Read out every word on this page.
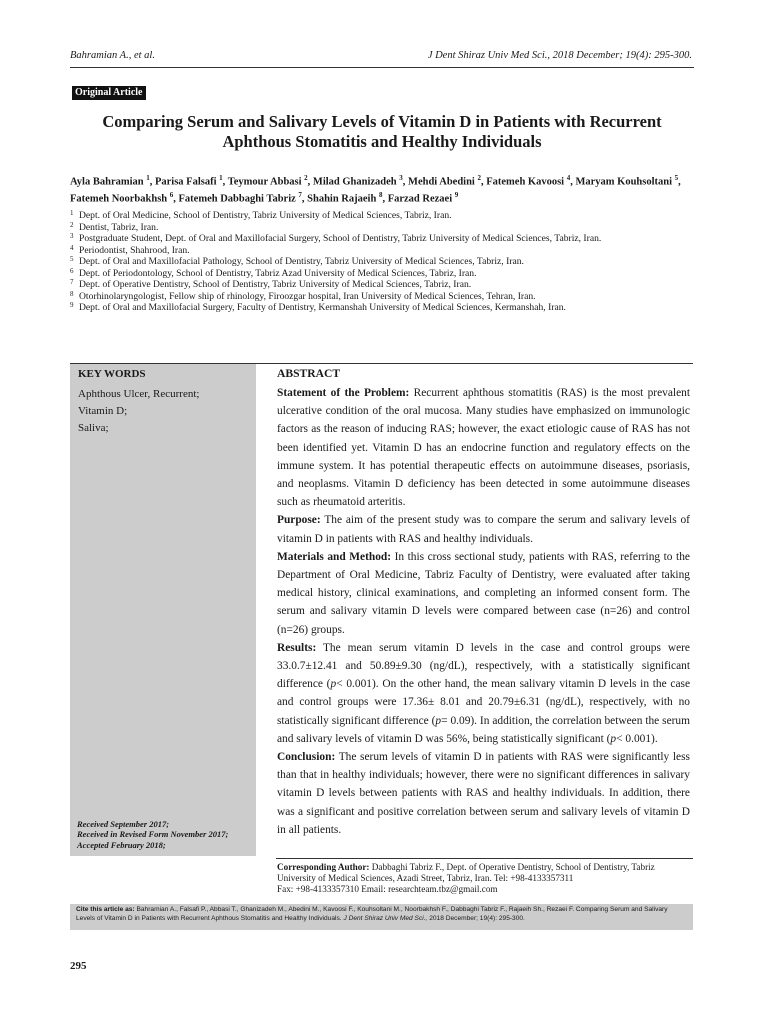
Bahramian A., et al.	J Dent Shiraz Univ Med Sci., 2018 December; 19(4): 295-300.
Original Article
Comparing Serum and Salivary Levels of Vitamin D in Patients with Recurrent Aphthous Stomatitis and Healthy Individuals
Ayla Bahramian $^1$, Parisa Falsafi $^1$, Teymour Abbasi $^2$, Milad Ghanizadeh $^3$, Mehdi Abedini $^2$, Fatemeh Kavoosi $^4$, Maryam Kouhsoltani $^5$, Fatemeh Noorbakhsh $^6$, Fatemeh Dabbaghi Tabriz $^7$, Shahin Rajaeih $^8$, Farzad Rezaei $^9$
1 Dept. of Oral Medicine, School of Dentistry, Tabriz University of Medical Sciences, Tabriz, Iran.
2 Dentist, Tabriz, Iran.
3 Postgraduate Student, Dept. of Oral and Maxillofacial Surgery, School of Dentistry, Tabriz University of Medical Sciences, Tabriz, Iran.
4 Periodontist, Shahrood, Iran.
5 Dept. of Oral and Maxillofacial Pathology, School of Dentistry, Tabriz University of Medical Sciences, Tabriz, Iran.
6 Dept. of Periodontology, School of Dentistry, Tabriz Azad University of Medical Sciences, Tabriz, Iran.
7 Dept. of Operative Dentistry, School of Dentistry, Tabriz University of Medical Sciences, Tabriz, Iran.
8 Otorhinolaryngologist, Fellow ship of rhinology, Firoozgar hospital, Iran University of Medical Sciences, Tehran, Iran.
9 Dept. of Oral and Maxillofacial Surgery, Faculty of Dentistry, Kermanshah University of Medical Sciences, Kermanshah, Iran.
KEY WORDS
Aphthous Ulcer, Recurrent;
Vitamin D;
Saliva;
Received September 2017;
Received in Revised Form November 2017;
Accepted February 2018;
ABSTRACT

Statement of the Problem: Recurrent aphthous stomatitis (RAS) is the most prevalent ulcerative condition of the oral mucosa. Many studies have emphasized on immunologic factors as the reason of inducing RAS; however, the exact etiologic cause of RAS has not been identified yet. Vitamin D has an endocrine function and regulatory effects on the immune system. It has potential therapeutic effects on autoimmune diseases, psoriasis, and neoplasms. Vitamin D deficiency has been detected in some autoimmune diseases such as rheumatoid arteritis.

Purpose: The aim of the present study was to compare the serum and salivary levels of vitamin D in patients with RAS and healthy individuals.

Materials and Method: In this cross sectional study, patients with RAS, referring to the Department of Oral Medicine, Tabriz Faculty of Dentistry, were evaluated after taking medical history, clinical examinations, and completing an informed consent form. The serum and salivary vitamin D levels were compared between case (n=26) and control (n=26) groups.

Results: The mean serum vitamin D levels in the case and control groups were 33.0.7±12.41 and 50.89±9.30 (ng/dL), respectively, with a statistically significant difference (p< 0.001). On the other hand, the mean salivary vitamin D levels in the case and control groups were 17.36± 8.01 and 20.79±6.31 (ng/dL), respectively, with no statistically significant difference (p= 0.09). In addition, the correlation between the serum and salivary levels of vitamin D was 56%, being statistically significant (p< 0.001).

Conclusion: The serum levels of vitamin D in patients with RAS were significantly less than that in healthy individuals; however, there were no significant differences in salivary vitamin D levels between patients with RAS and healthy individuals. In addition, there was a significant and positive correlation between serum and salivary levels of vitamin D in all patients.

Corresponding Author: Dabbaghi Tabriz F., Dept. of Operative Dentistry, School of Dentistry, Tabriz University of Medical Sciences, Azadi Street, Tabriz, Iran. Tel: +98-4133357311
Fax: +98-4133357310 Email: researchteam.tbz@gmail.com
Cite this article as: Bahramian A., Falsafi P., Abbasi T., Ghanizadeh M., Abedini M., Kavoosi F., Kouhsoltani M., Noorbakhsh F., Dabbaghi Tabriz F., Rajaeih Sh., Rezaei F. Comparing Serum and Salivary Levels of Vitamin D in Patients with Recurrent Aphthous Stomatitis and Healthy Individuals. J Dent Shiraz Univ Med Sci., 2018 December; 19(4): 295-300.
295
